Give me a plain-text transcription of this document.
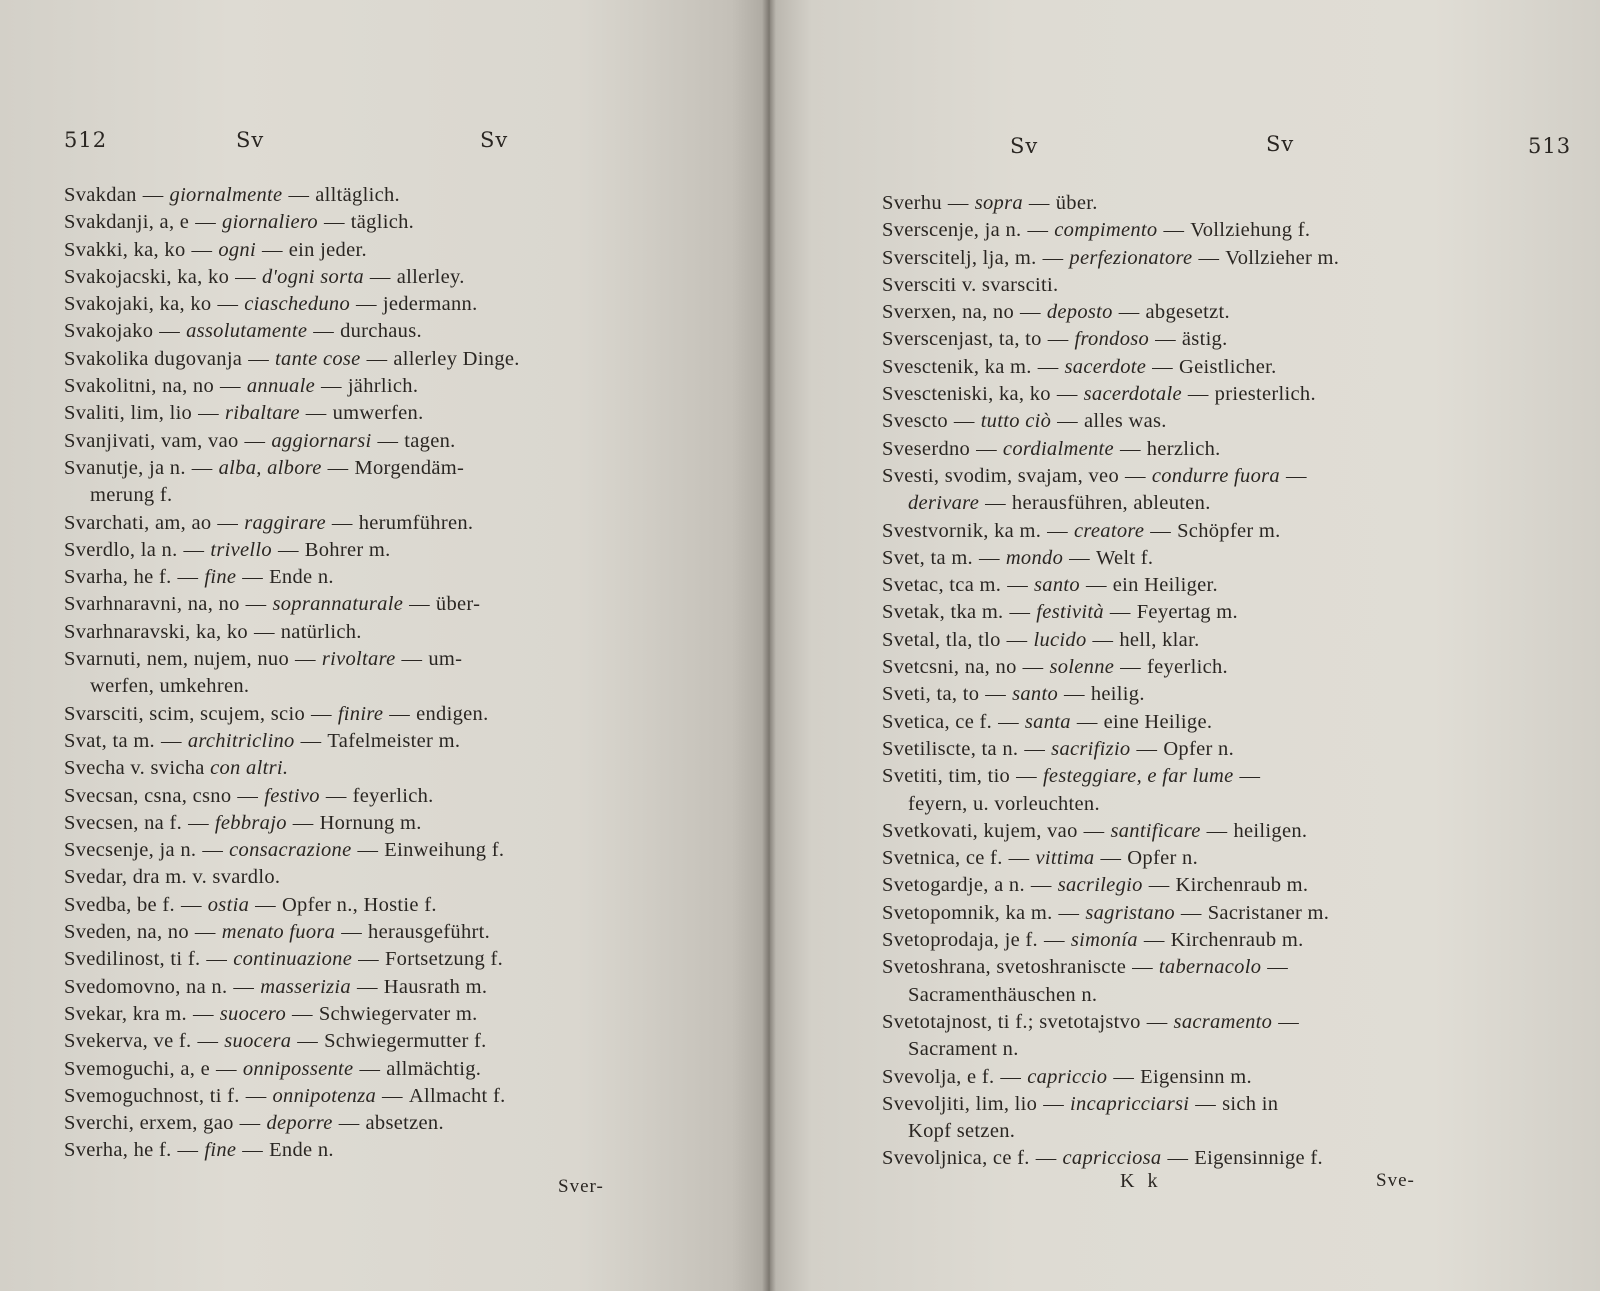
512	Sv	Sv
Svakdan — giornalmente — alltäglich.
Svakdanji, a, e — giornaliero — täglich.
Svakki, ka, ko — ogni — ein jeder.
Svakojacski, ka, ko — d'ogni sorta — allerley.
Svakojaki, ka, ko — ciascheduno — jedermann.
Svakojako — assolutamente — durchaus.
Svakolika dugovanja — tante cose — allerley Dinge.
Svakolitni, na, no — annuale — jährlich.
Svaliti, lim, lio — ribaltare — umwerfen.
Svanjivati, vam, vao — aggiornarsi — tagen.
Svanutje, ja n. — alba, albore — Morgendäm-
merung f.
Svarchati, am, ao — raggirare — herumführen.
Sverdlo, la n. — trivello — Bohrer m.
Svarha, he f. — fine — Ende n.
Svarhnaravni, na, no — soprannaturale — über-
Svarhnaravski, ka, ko — natürlich.
Svarnuti, nem, nujem, nuo — rivoltare — um-
werfen, umkehren.
Svarsciti, scim, scujem, scio — finire — endigen.
Svat, ta m. — architriclino — Tafelmeister m.
Svecha v. svicha con altri.
Svecsan, csna, csno — festivo — feyerlich.
Svecsen, na f. — febbrajo — Hornung m.
Svecsenje, ja n. — consacrazione — Einweihung f.
Svedar, dra m. v. svardlo.
Svedba, be f. — ostia — Opfer n., Hostie f.
Sveden, na, no — menato fuora — herausgeführt.
Svedilinost, ti f. — continuazione — Fortsetzung f.
Svedomovno, na n. — masserizia — Hausrath m.
Svekar, kra m. — suocero — Schwiegervater m.
Svekerva, ve f. — suocera — Schwiegermutter f.
Svemoguchi, a, e — onnipossente — allmächtig.
Svemoguchnost, ti f. — onnipotenza — Allmacht f.
Sverchi, erxem, gao — deporre — absetzen.
Sverha, he f. — fine — Ende n.
Sver-
Sv	Sv	513
Sverhu — sopra — über.
Sverscenje, ja n. — compimento — Vollziehung f.
Sverscitelj, lja, m. — perfezionatore — Vollzieher m.
Sversciti v. svarsciti.
Sverxen, na, no — deposto — abgesetzt.
Sverscenjast, ta, to — frondoso — ästig.
Svesctenik, ka m. — sacerdote — Geistlicher.
Svescteniski, ka, ko — sacerdotale — priesterlich.
Svescto — tutto ciò — alles was.
Sveserdno — cordialmente — herzlich.
Svesti, svodim, svajam, veo — condurre fuora —
derivare — herausführen, ableuten.
Svestvornik, ka m. — creatore — Schöpfer m.
Svet, ta m. — mondo — Welt f.
Svetac, tca m. — santo — ein Heiliger.
Svetak, tka m. — festività — Feyertag m.
Svetal, tla, tlo — lucido — hell, klar.
Svetcsni, na, no — solenne — feyerlich.
Sveti, ta, to — santo — heilig.
Svetica, ce f. — santa — eine Heilige.
Svetiliscte, ta n. — sacrifizio — Opfer n.
Svetiti, tim, tio — festeggiare, e far lume —
feyern, u. vorleuchten.
Svetkovati, kujem, vao — santificare — heiligen.
Svetnica, ce f. — vittima — Opfer n.
Svetogardje, a n. — sacrilegio — Kirchenraub m.
Svetopomnik, ka m. — sagristano — Sacristaner m.
Svetoprodaja, je f. — simonía — Kirchenraub m.
Svetoshrana, svetoshranisctе — tabernacolo —
Sacramenthäuschen n.
Svetotajnost, ti f.; svetotajstvo — sacramento —
Sacrament n.
Svevolja, e f. — capriccio — Eigensinn m.
Svevoljiti, lim, lio — incapricciarsi — sich in
Kopf setzen.
Svevoljnica, ce f. — capricciosa — Eigensinnige f.
K k	Sve-
